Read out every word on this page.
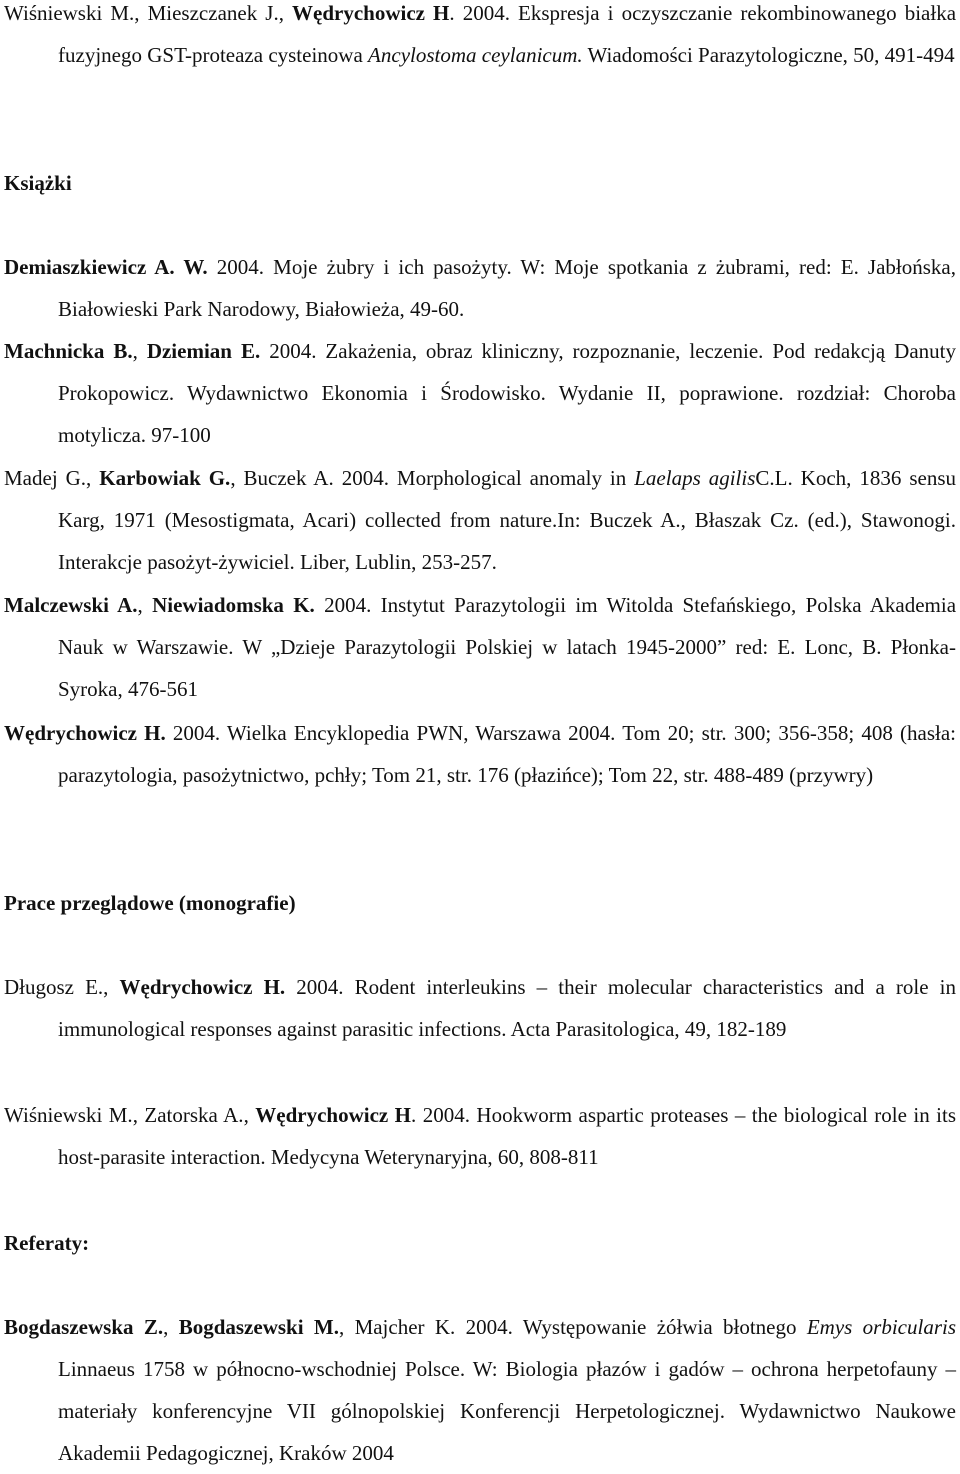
Wiśniewski M., Mieszczanek J., Wędrychowicz H. 2004. Ekspresja i oczyszczanie rekombinowanego białka fuzyjnego GST-proteaza cysteinowa Ancylostoma ceylanicum. Wiadomości Parazytologiczne, 50, 491-494
Książki
Demiaszkiewicz A. W. 2004. Moje żubry i ich pasożyty. W: Moje spotkania z żubrami, red: E. Jabłońska, Białowieski Park Narodowy, Białowieża, 49-60.
Machnicka B., Dziemian E. 2004. Zakażenia, obraz kliniczny, rozpoznanie, leczenie. Pod redakcją Danuty Prokopowicz. Wydawnictwo Ekonomia i Środowisko. Wydanie II, poprawione. rozdział: Choroba motylicza. 97-100
Madej G., Karbowiak G., Buczek A. 2004. Morphological anomaly in Laelaps agilisC.L. Koch, 1836 sensu Karg, 1971 (Mesostigmata, Acari) collected from nature.In: Buczek A., Błaszak Cz. (ed.), Stawonogi. Interakcje pasożyt-żywiciel. Liber, Lublin, 253-257.
Malczewski A., Niewiadomska K. 2004. Instytut Parazytologii im Witolda Stefańskiego, Polska Akademia Nauk w Warszawie. W „Dzieje Parazytologii Polskiej w latach 1945-2000” red: E. Lonc, B. Płonka-Syroka, 476-561
Wędrychowicz H. 2004. Wielka Encyklopedia PWN, Warszawa 2004. Tom 20; str. 300; 356-358; 408 (hasła: parazytologia, pasożytnictwo, pchły; Tom 21, str. 176 (płazińce); Tom 22, str. 488-489 (przywry)
Prace przeglądowe (monografie)
Długosz E., Wędrychowicz H. 2004. Rodent interleukins – their molecular characteristics and a role in immunological responses against parasitic infections. Acta Parasitologica, 49, 182-189
Wiśniewski M., Zatorska A., Wędrychowicz H. 2004. Hookworm aspartic proteases – the biological role in its host-parasite interaction. Medycyna Weterynaryjna, 60, 808-811
Referaty:
Bogdaszewska Z., Bogdaszewski M., Majcher K. 2004. Występowanie żółwia błotnego Emys orbicularis Linnaeus 1758 w północno-wschodniej Polsce. W: Biologia płazów i gadów – ochrona herpetofauny – materiały konferencyjne VII gólnopolskiej Konferencji Herpetologicznej. Wydawnictwo Naukowe Akademii Pedagogicznej, Kraków 2004
